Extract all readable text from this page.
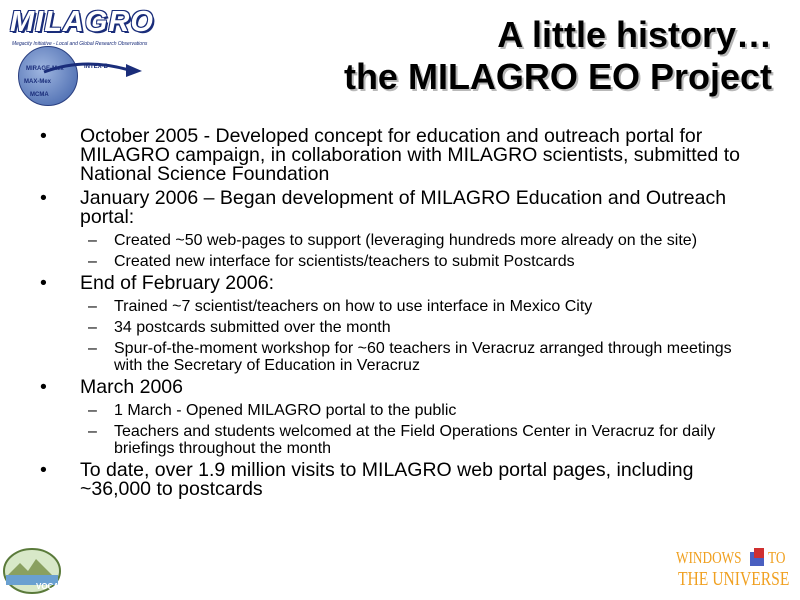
MILAGRO
Megacity Initiative - Local and Global Research Observations
MIRAGE-Mex
MAX-Mex
MCMA
INTEX-B
A little history…
the MILAGRO EO Project
• October 2005 - Developed concept for education and outreach portal for MILAGRO campaign, in collaboration with MILAGRO scientists, submitted to National Science Foundation
• January 2006 – Began development of MILAGRO Education and Outreach portal:
– Created ~50 web-pages to support (leveraging hundreds more already on the site)
– Created new interface for scientists/teachers to submit Postcards
• End of February 2006:
– Trained ~7 scientist/teachers on how to use interface in Mexico City
– 34 postcards submitted over the month
– Spur-of-the-moment workshop for ~60 teachers in Veracruz arranged through meetings with the Secretary of Education in Veracruz
• March 2006
– 1 March - Opened MILAGRO portal to the public
– Teachers and students welcomed at the Field Operations Center in Veracruz for daily briefings throughout the month
• To date, over 1.9 million visits to MILAGRO web portal pages, including ~36,000 to postcards
VOCALS
WINDOWS TO
THE UNIVERSE
